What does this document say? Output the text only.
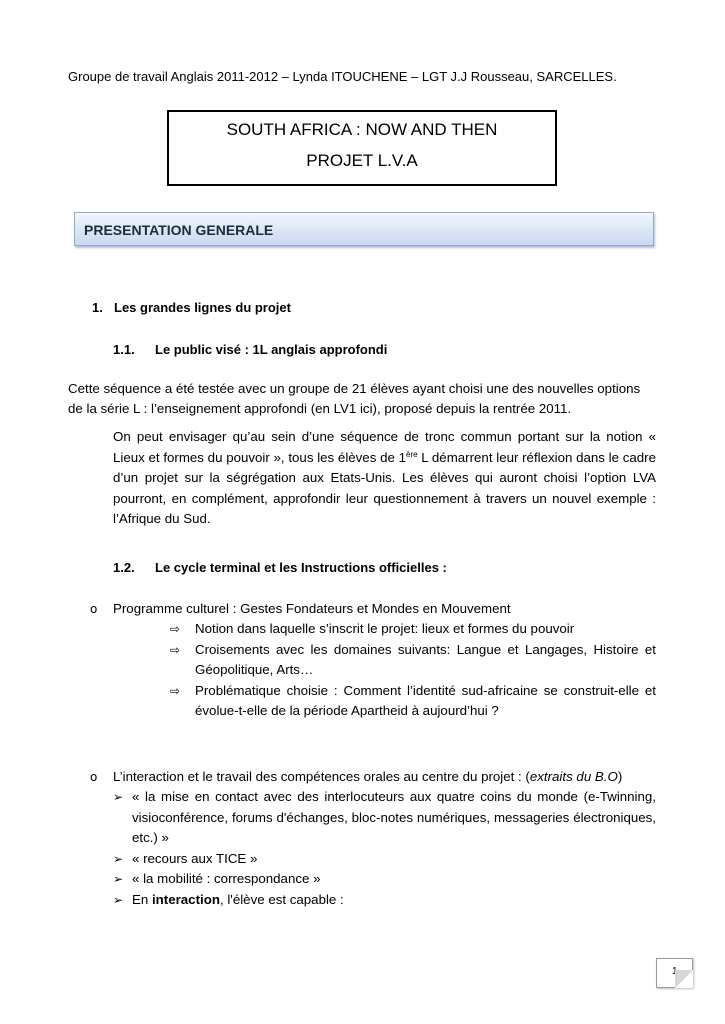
Groupe de travail Anglais 2011-2012 – Lynda ITOUCHENE – LGT J.J Rousseau, SARCELLES.
SOUTH AFRICA : NOW AND THEN
PROJET L.V.A
PRESENTATION GENERALE
1. Les grandes lignes du projet
1.1. Le public visé : 1L anglais approfondi
Cette séquence a été testée avec un groupe de 21 élèves ayant choisi une des nouvelles options
de la série L : l’enseignement approfondi (en LV1 ici), proposé depuis la rentrée 2011.
On peut envisager qu’au sein d’une séquence de tronc commun portant sur la notion « Lieux et formes du pouvoir », tous les élèves de 1ère L démarrent leur réflexion dans le cadre d’un projet sur la ségrégation aux Etats-Unis. Les élèves qui auront choisi l’option LVA pourront, en complément, approfondir leur questionnement à travers un nouvel exemple : l’Afrique du Sud.
1.2. Le cycle terminal et les Instructions officielles :
o Programme culturel : Gestes Fondateurs et Mondes en Mouvement
⇨ Notion dans laquelle s’inscrit le projet: lieux et formes du pouvoir
⇨ Croisements avec les domaines suivants: Langue et Langages, Histoire et Géopolitique, Arts…
⇨ Problématique choisie : Comment l’identité sud-africaine se construit-elle et évolue-t-elle de la période Apartheid à aujourd’hui ?
o L’interaction et le travail des compétences orales au centre du projet : (extraits du B.O)
➢ « la mise en contact avec des interlocuteurs aux quatre coins du monde (e-Twinning, visioconférence, forums d'échanges, bloc-notes numériques, messageries électroniques, etc.) »
➢ « recours aux TICE »
➢ « la mobilité : correspondance »
➢ En interaction, l'élève est capable :
1
